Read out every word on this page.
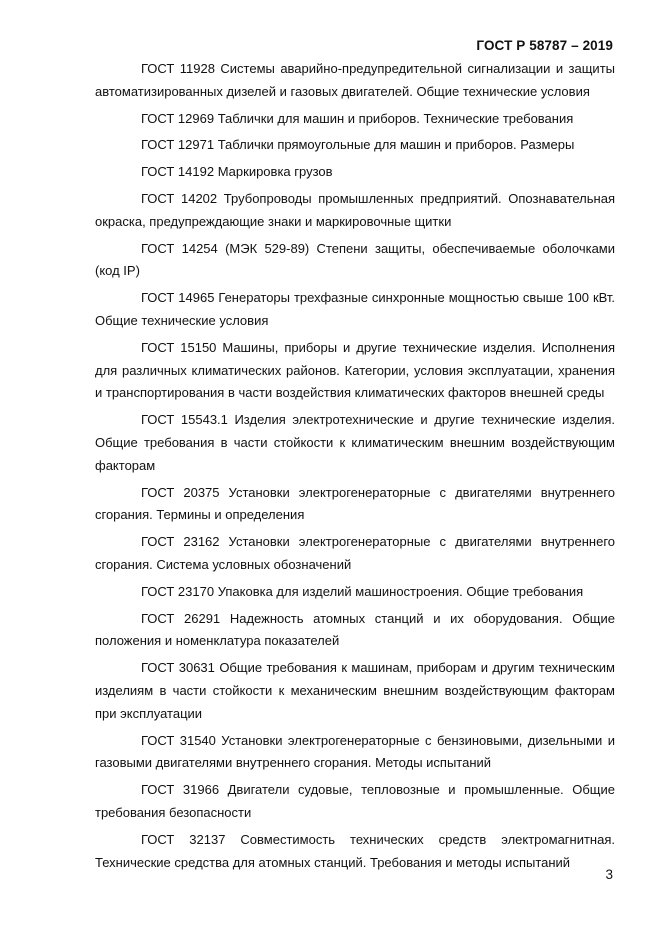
ГОСТ Р 58787 – 2019

ГОСТ 11928 Системы аварийно-предупредительной сигнализации и защиты автоматизированных дизелей и газовых двигателей. Общие технические условия

ГОСТ 12969 Таблички для машин и приборов. Технические требования

ГОСТ 12971 Таблички прямоугольные для машин и приборов. Размеры

ГОСТ 14192 Маркировка грузов

ГОСТ 14202 Трубопроводы промышленных предприятий. Опознавательная окраска, предупреждающие знаки и маркировочные щитки

ГОСТ 14254 (МЭК 529-89) Степени защиты, обеспечиваемые оболочками (код IP)

ГОСТ 14965 Генераторы трехфазные синхронные мощностью свыше 100 кВт. Общие технические условия

ГОСТ 15150 Машины, приборы и другие технические изделия. Исполнения для различных климатических районов. Категории, условия эксплуатации, хранения и транспортирования в части воздействия климатических факторов внешней среды

ГОСТ 15543.1 Изделия электротехнические и другие технические изделия. Общие требования в части стойкости к климатическим внешним воздействующим факторам

ГОСТ 20375 Установки электрогенераторные с двигателями внутреннего сгорания. Термины и определения

ГОСТ 23162 Установки электрогенераторные с двигателями внутреннего сгорания. Система условных обозначений

ГОСТ 23170 Упаковка для изделий машиностроения. Общие требования

ГОСТ 26291 Надежность атомных станций и их оборудования. Общие положения и номенклатура показателей

ГОСТ 30631 Общие требования к машинам, приборам и другим техническим изделиям в части стойкости к механическим внешним воздействующим факторам при эксплуатации

ГОСТ 31540 Установки электрогенераторные с бензиновыми, дизельными и газовыми двигателями внутреннего сгорания. Методы испытаний

ГОСТ 31966 Двигатели судовые, тепловозные и промышленные. Общие требования безопасности

ГОСТ 32137 Совместимость технических средств электромагнитная. Технические средства для атомных станций. Требования и методы испытаний

3
